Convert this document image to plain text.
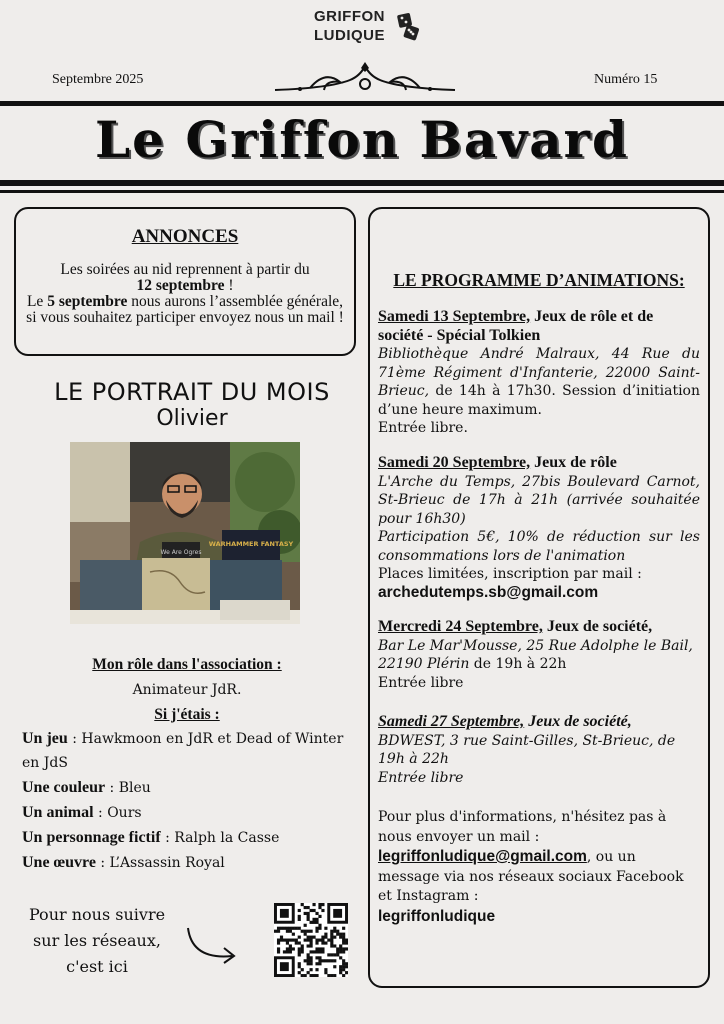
GRIFFON
LUDIQUE
Septembre 2025	Numéro 15
Le Griffon Bavard
ANNONCES
Les soirées au nid reprennent à partir du
12 septembre !
Le 5 septembre nous aurons l’assemblée générale, si vous souhaitez participer envoyez nous un mail !
LE PORTRAIT DU MOIS
Olivier
We Are Ogres
WARHAMMER FANTASY
Mon rôle dans l'association :
Animateur JdR.
Si j'étais :
Un jeu : Hawkmoon en JdR et Dead of Winter en JdS
Une couleur : Bleu
Un animal : Ours
Un personnage fictif : Ralph la Casse
Une œuvre : L’Assassin Royal
Pour nous suivre
sur les réseaux,
c'est ici
LE PROGRAMME D’ANIMATIONS:
Samedi 13 Septembre, Jeux de rôle et de société - Spécial Tolkien
Bibliothèque André Malraux, 44 Rue du 71ème Régiment d'Infanterie, 22000 Saint-Brieuc, de 14h à 17h30. Session d’initiation d’une heure maximum.
Entrée libre.
Samedi 20 Septembre, Jeux de rôle
L'Arche du Temps, 27bis Boulevard Carnot, St-Brieuc de 17h à 21h (arrivée souhaitée pour 16h30)
Participation 5€, 10% de réduction sur les consommations lors de l'animation
Places limitées, inscription par mail :
archedutemps.sb@gmail.com
Mercredi 24 Septembre, Jeux de société,
Bar Le Mar'Mousse, 25 Rue Adolphe le Bail, 22190 Plérin de 19h à 22h
Entrée libre
Samedi 27 Septembre, Jeux de société,
BDWEST, 3 rue Saint-Gilles, St-Brieuc, de 19h à 22h
Entrée libre
Pour plus d'informations, n'hésitez pas à nous envoyer un mail : legriffonludique@gmail.com, ou un message via nos réseaux sociaux Facebook et Instagram :
legriffonludique
